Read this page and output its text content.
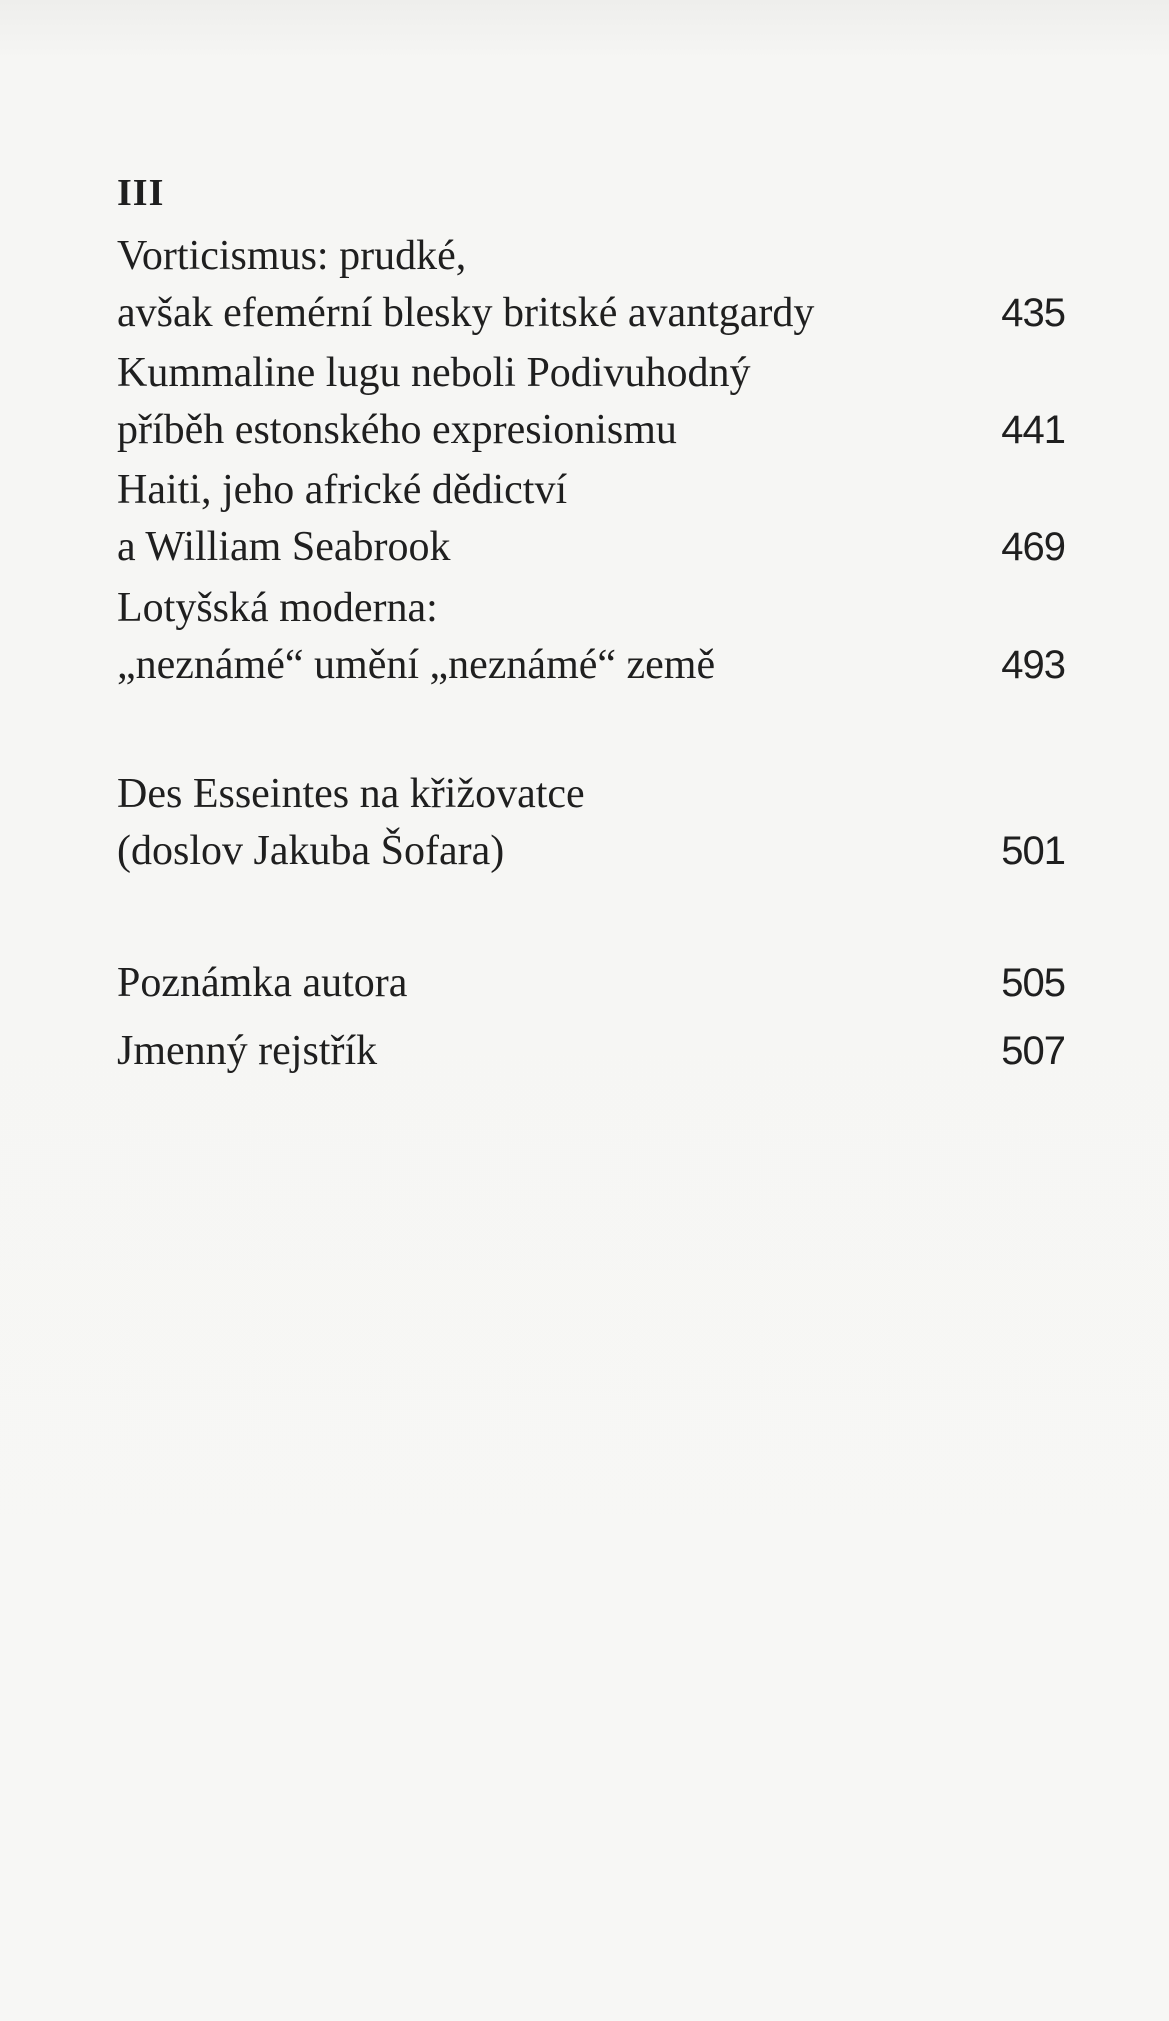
III
Vorticismus: prudké,
avšak efemérní blesky britské avantgardy	435
Kummaline lugu neboli Podivuhodný
příběh estonského expresionismu	441
Haiti, jeho africké dědictví
a William Seabrook	469
Lotyšská moderna:
„neznámé“ umění „neznámé“ země	493
Des Esseintes na křižovatce
(doslov Jakuba Šofara)	501
Poznámka autora	505
Jmenný rejstřík	507
